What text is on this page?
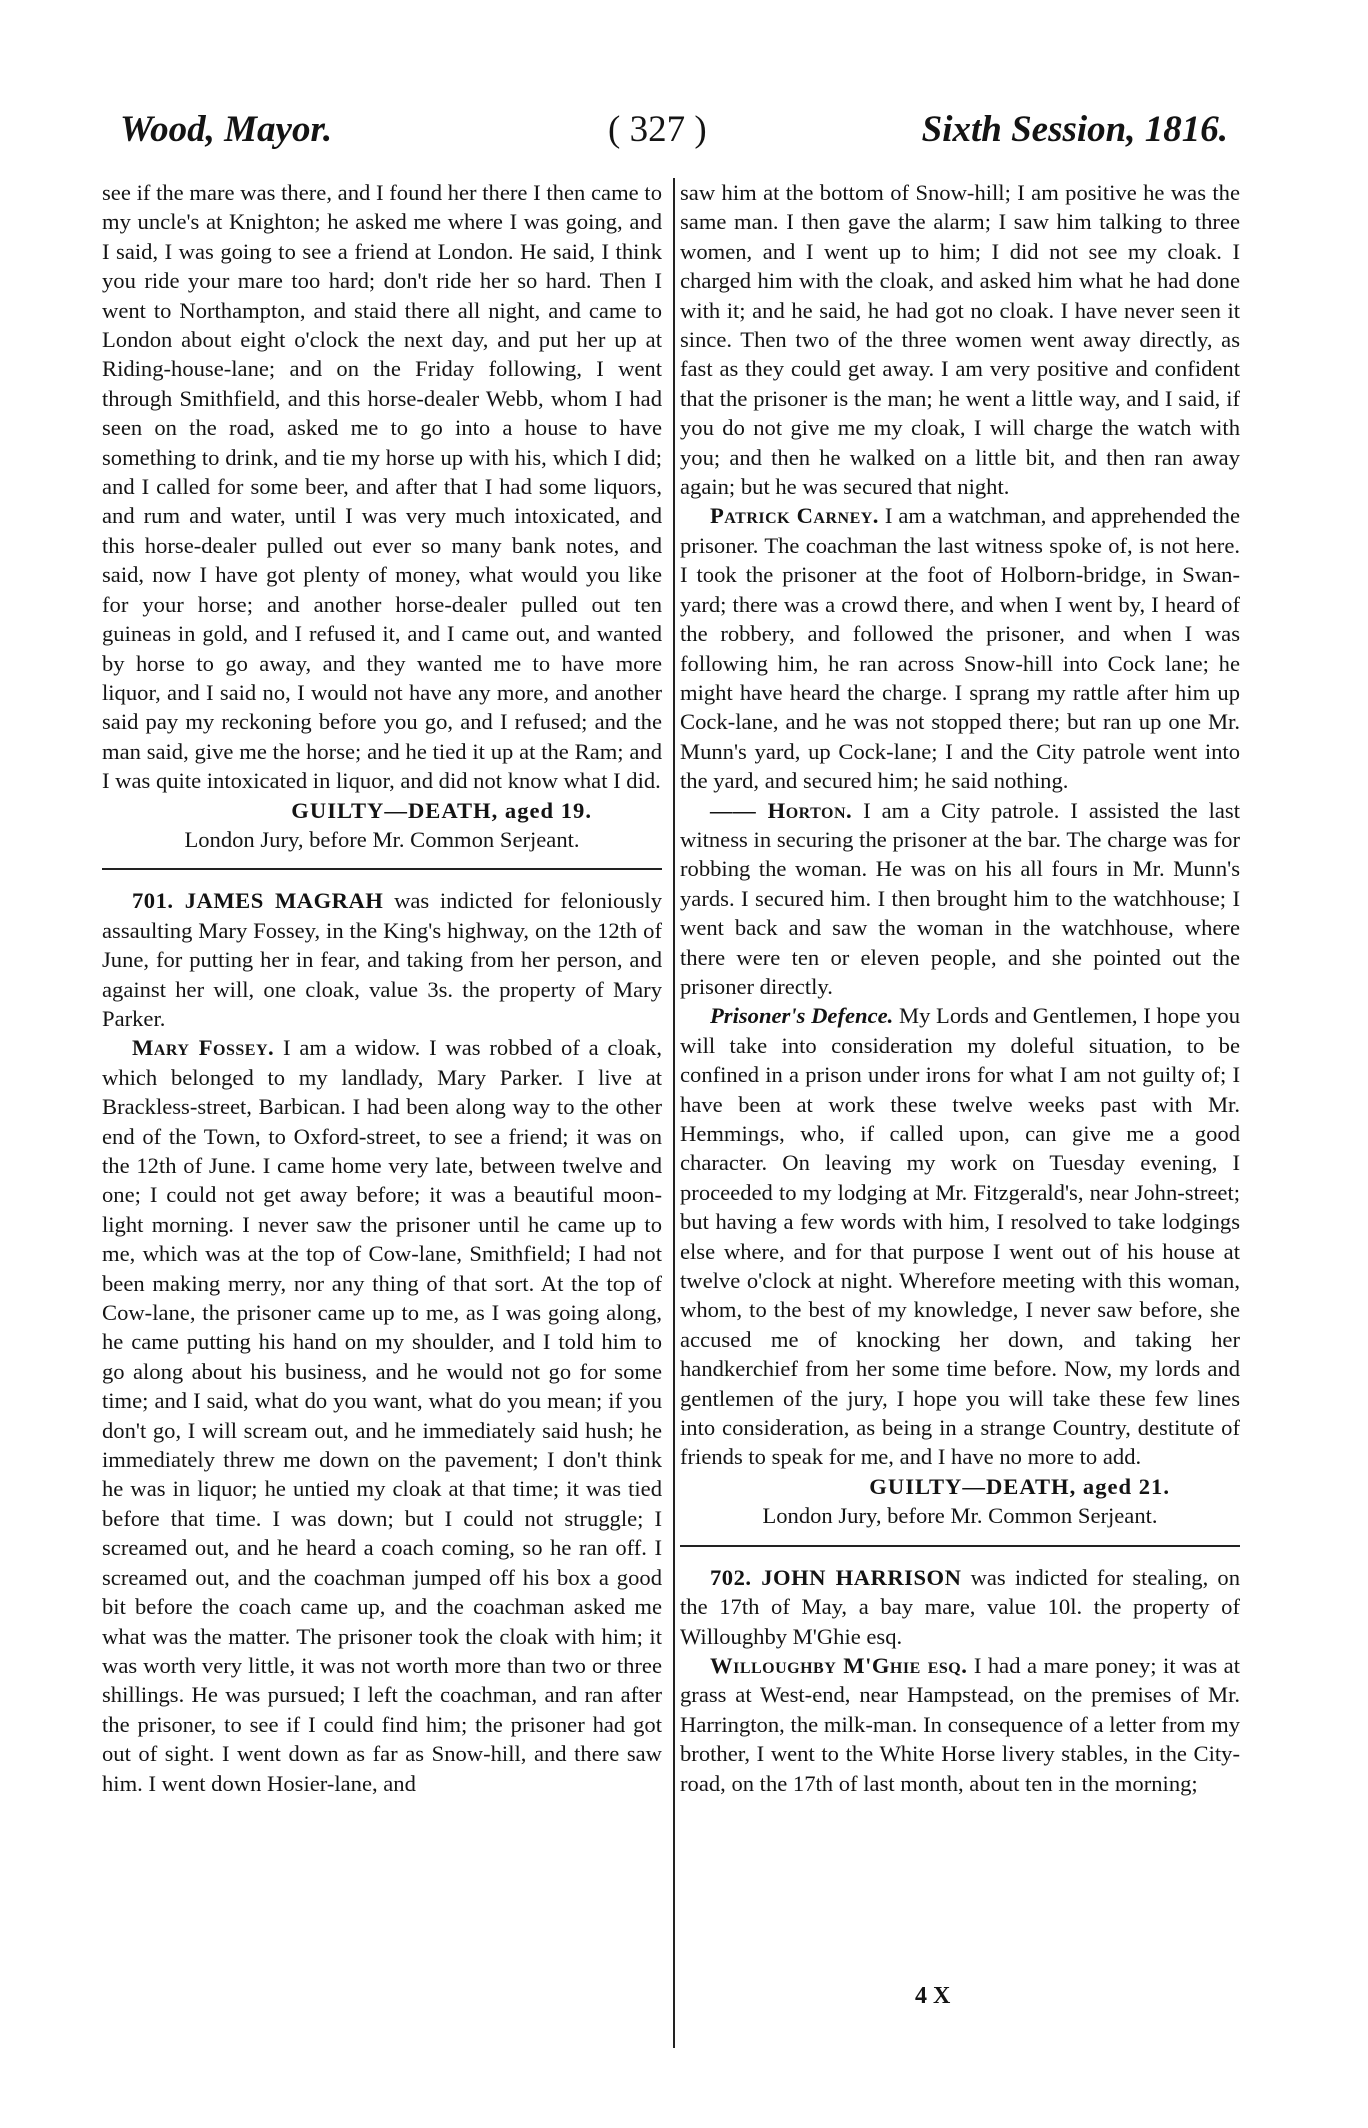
Wood, Mayor.	( 327 )	Sixth Session, 1816.

see if the mare was there, and I found her there I then came to my uncle's at Knighton; he asked me where I was going, and I said, I was going to see a friend at London. He said, I think you ride your mare too hard; don't ride her so hard. Then I went to Northampton, and staid there all night, and came to London about eight o'clock the next day, and put her up at Riding-house-lane; and on the Friday following, I went through Smithfield, and this horse-dealer Webb, whom I had seen on the road, asked me to go into a house to have something to drink, and tie my horse up with his, which I did; and I called for some beer, and after that I had some liquors, and rum and water, until I was very much intoxicated, and this horse-dealer pulled out ever so many bank notes, and said, now I have got plenty of money, what would you like for your horse; and another horse-dealer pulled out ten guineas in gold, and I refused it, and I came out, and wanted by horse to go away, and they wanted me to have more liquor, and I said no, I would not have any more, and another said pay my reckoning before you go, and I refused; and the man said, give me the horse; and he tied it up at the Ram; and I was quite intoxicated in liquor, and did not know what I did.

GUILTY—DEATH, aged 19.

London Jury, before Mr. Common Serjeant.

701. JAMES MAGRAH was indicted for feloniously assaulting Mary Fossey, in the King's highway, on the 12th of June, for putting her in fear, and taking from her person, and against her will, one cloak, value 3s. the property of Mary Parker.

Mary Fossey. I am a widow. I was robbed of a cloak, which belonged to my landlady, Mary Parker. I live at Brackless-street, Barbican. I had been along way to the other end of the Town, to Oxford-street, to see a friend; it was on the 12th of June. I came home very late, between twelve and one; I could not get away before; it was a beautiful moon-light morning. I never saw the prisoner until he came up to me, which was at the top of Cow-lane, Smithfield; I had not been making merry, nor any thing of that sort. At the top of Cow-lane, the prisoner came up to me, as I was going along, he came putting his hand on my shoulder, and I told him to go along about his business, and he would not go for some time; and I said, what do you want, what do you mean; if you don't go, I will scream out, and he immediately said hush; he immediately threw me down on the pavement; I don't think he was in liquor; he untied my cloak at that time; it was tied before that time. I was down; but I could not struggle; I screamed out, and he heard a coach coming, so he ran off. I screamed out, and the coachman jumped off his box a good bit before the coach came up, and the coachman asked me what was the matter. The prisoner took the cloak with him; it was worth very little, it was not worth more than two or three shillings. He was pursued; I left the coachman, and ran after the prisoner, to see if I could find him; the prisoner had got out of sight. I went down as far as Snow-hill, and there saw him. I went down Hosier-lane, and

saw him at the bottom of Snow-hill; I am positive he was the same man. I then gave the alarm; I saw him talking to three women, and I went up to him; I did not see my cloak. I charged him with the cloak, and asked him what he had done with it; and he said, he had got no cloak. I have never seen it since. Then two of the three women went away directly, as fast as they could get away. I am very positive and confident that the prisoner is the man; he went a little way, and I said, if you do not give me my cloak, I will charge the watch with you; and then he walked on a little bit, and then ran away again; but he was secured that night.

Patrick Carney. I am a watchman, and apprehended the prisoner. The coachman the last witness spoke of, is not here. I took the prisoner at the foot of Holborn-bridge, in Swan-yard; there was a crowd there, and when I went by, I heard of the robbery, and followed the prisoner, and when I was following him, he ran across Snow-hill into Cock lane; he might have heard the charge. I sprang my rattle after him up Cock-lane, and he was not stopped there; but ran up one Mr. Munn's yard, up Cock-lane; I and the City patrole went into the yard, and secured him; he said nothing.

—— Horton. I am a City patrole. I assisted the last witness in securing the prisoner at the bar. The charge was for robbing the woman. He was on his all fours in Mr. Munn's yards. I secured him. I then brought him to the watchhouse; I went back and saw the woman in the watchhouse, where there were ten or eleven people, and she pointed out the prisoner directly.

Prisoner's Defence. My Lords and Gentlemen, I hope you will take into consideration my doleful situation, to be confined in a prison under irons for what I am not guilty of; I have been at work these twelve weeks past with Mr. Hemmings, who, if called upon, can give me a good character. On leaving my work on Tuesday evening, I proceeded to my lodging at Mr. Fitzgerald's, near John-street; but having a few words with him, I resolved to take lodgings else where, and for that purpose I went out of his house at twelve o'clock at night. Wherefore meeting with this woman, whom, to the best of my knowledge, I never saw before, she accused me of knocking her down, and taking her handkerchief from her some time before. Now, my lords and gentlemen of the jury, I hope you will take these few lines into consideration, as being in a strange Country, destitute of friends to speak for me, and I have no more to add.

GUILTY—DEATH, aged 21.

London Jury, before Mr. Common Serjeant.

702. JOHN HARRISON was indicted for stealing, on the 17th of May, a bay mare, value 10l. the property of Willoughby M'Ghie esq.

Willoughby M'Ghie esq. I had a mare poney; it was at grass at West-end, near Hampstead, on the premises of Mr. Harrington, the milk-man. In consequence of a letter from my brother, I went to the White Horse livery stables, in the City-road, on the 17th of last month, about ten in the morning;

4 X
